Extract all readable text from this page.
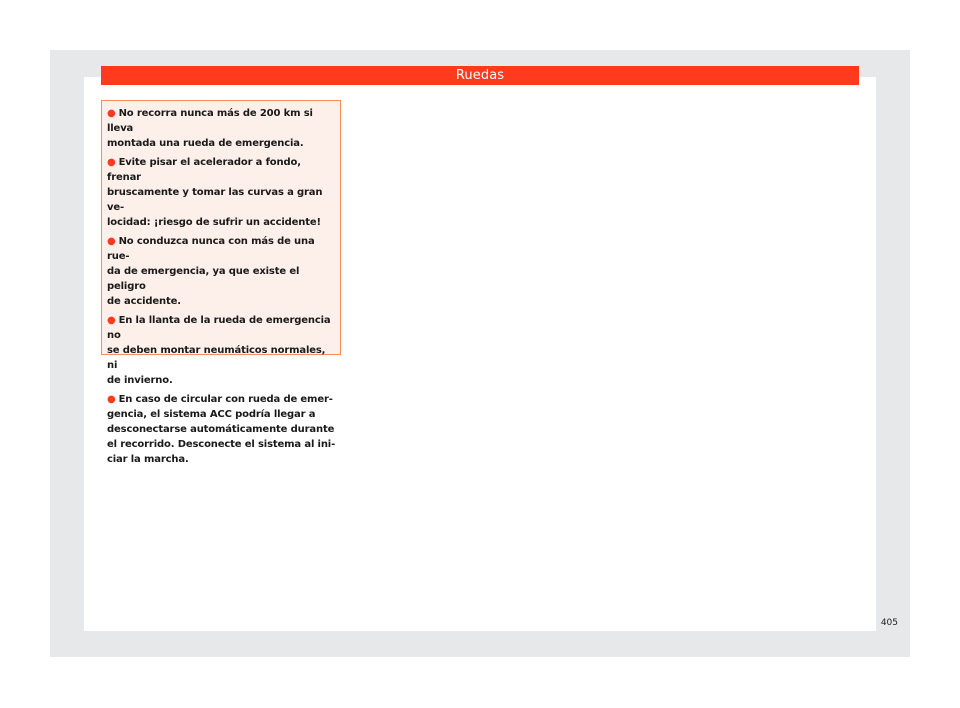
Ruedas
● No recorra nunca más de 200 km si lleva
montada una rueda de emergencia.
● Evite pisar el acelerador a fondo, frenar
bruscamente y tomar las curvas a gran ve-
locidad: ¡riesgo de sufrir un accidente!
● No conduzca nunca con más de una rue-
da de emergencia, ya que existe el peligro
de accidente.
● En la llanta de la rueda de emergencia no
se deben montar neumáticos normales, ni
de invierno.
● En caso de circular con rueda de emer-
gencia, el sistema ACC podría llegar a
desconectarse automáticamente durante
el recorrido. Desconecte el sistema al ini-
ciar la marcha.
405
